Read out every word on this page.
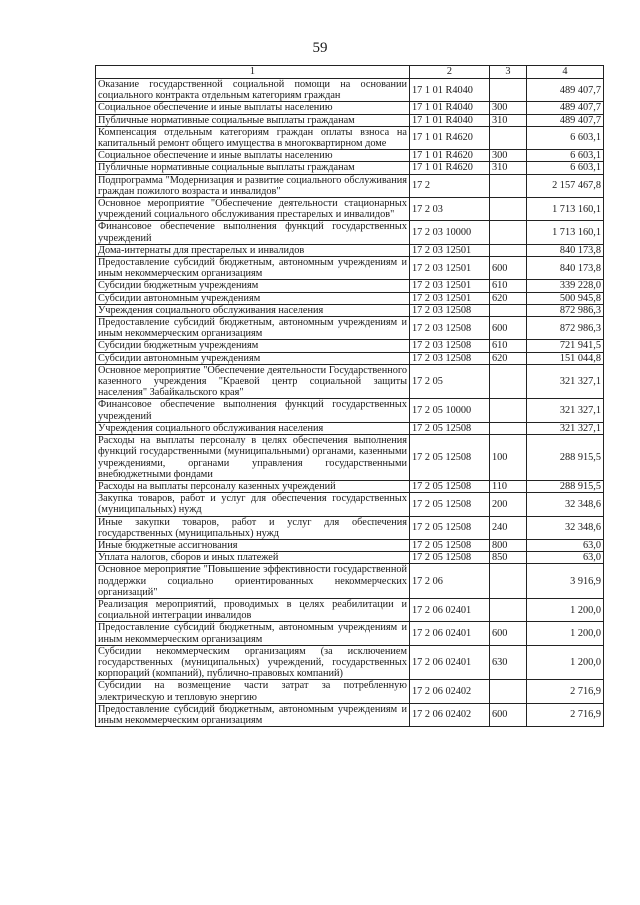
59
1	2	3	4
Оказание государственной социальной помощи на основании социального контракта отдельным категориям граждан	17 1 01 R4040		489 407,7
Социальное обеспечение и иные выплаты населению	17 1 01 R4040	300	489 407,7
Публичные нормативные социальные выплаты гражданам	17 1 01 R4040	310	489 407,7
Компенсация отдельным категориям граждан оплаты взноса на капитальный ремонт общего имущества в многоквартирном доме	17 1 01 R4620		6 603,1
Социальное обеспечение и иные выплаты населению	17 1 01 R4620	300	6 603,1
Публичные нормативные социальные выплаты гражданам	17 1 01 R4620	310	6 603,1
Подпрограмма "Модернизация и развитие социального обслуживания граждан пожилого возраста и инвалидов"	17 2		2 157 467,8
Основное мероприятие "Обеспечение деятельности стационарных учреждений социального обслуживания престарелых и инвалидов"	17 2 03		1 713 160,1
Финансовое обеспечение выполнения функций государственных учреждений	17 2 03 10000		1 713 160,1
Дома-интернаты для престарелых и инвалидов	17 2 03 12501		840 173,8
Предоставление субсидий бюджетным, автономным учреждениям и иным некоммерческим организациям	17 2 03 12501	600	840 173,8
Субсидии бюджетным учреждениям	17 2 03 12501	610	339 228,0
Субсидии автономным учреждениям	17 2 03 12501	620	500 945,8
Учреждения социального обслуживания населения	17 2 03 12508		872 986,3
Предоставление субсидий бюджетным, автономным учреждениям и иным некоммерческим организациям	17 2 03 12508	600	872 986,3
Субсидии бюджетным учреждениям	17 2 03 12508	610	721 941,5
Субсидии автономным учреждениям	17 2 03 12508	620	151 044,8
Основное мероприятие "Обеспечение деятельности Государственного казенного учреждения "Краевой центр социальной защиты населения" Забайкальского края"	17 2 05		321 327,1
Финансовое обеспечение выполнения функций государственных учреждений	17 2 05 10000		321 327,1
Учреждения социального обслуживания населения	17 2 05 12508		321 327,1
Расходы на выплаты персоналу в целях обеспечения выполнения функций государственными (муниципальными) органами, казенными учреждениями, органами управления государственными внебюджетными фондами	17 2 05 12508	100	288 915,5
Расходы на выплаты персоналу казенных учреждений	17 2 05 12508	110	288 915,5
Закупка товаров, работ и услуг для обеспечения государственных (муниципальных) нужд	17 2 05 12508	200	32 348,6
Иные закупки товаров, работ и услуг для обеспечения государственных (муниципальных) нужд	17 2 05 12508	240	32 348,6
Иные бюджетные ассигнования	17 2 05 12508	800	63,0
Уплата налогов, сборов и иных платежей	17 2 05 12508	850	63,0
Основное мероприятие "Повышение эффективности государственной поддержки социально ориентированных некоммерческих организаций"	17 2 06		3 916,9
Реализация мероприятий, проводимых в целях реабилитации и социальной интеграции инвалидов	17 2 06 02401		1 200,0
Предоставление субсидий бюджетным, автономным учреждениям и иным некоммерческим организациям	17 2 06 02401	600	1 200,0
Субсидии некоммерческим организациям (за исключением государственных (муниципальных) учреждений, государственных корпораций (компаний), публично-правовых компаний)	17 2 06 02401	630	1 200,0
Субсидии на возмещение части затрат за потребленную электрическую и тепловую энергию	17 2 06 02402		2 716,9
Предоставление субсидий бюджетным, автономным учреждениям и иным некоммерческим организациям	17 2 06 02402	600	2 716,9
